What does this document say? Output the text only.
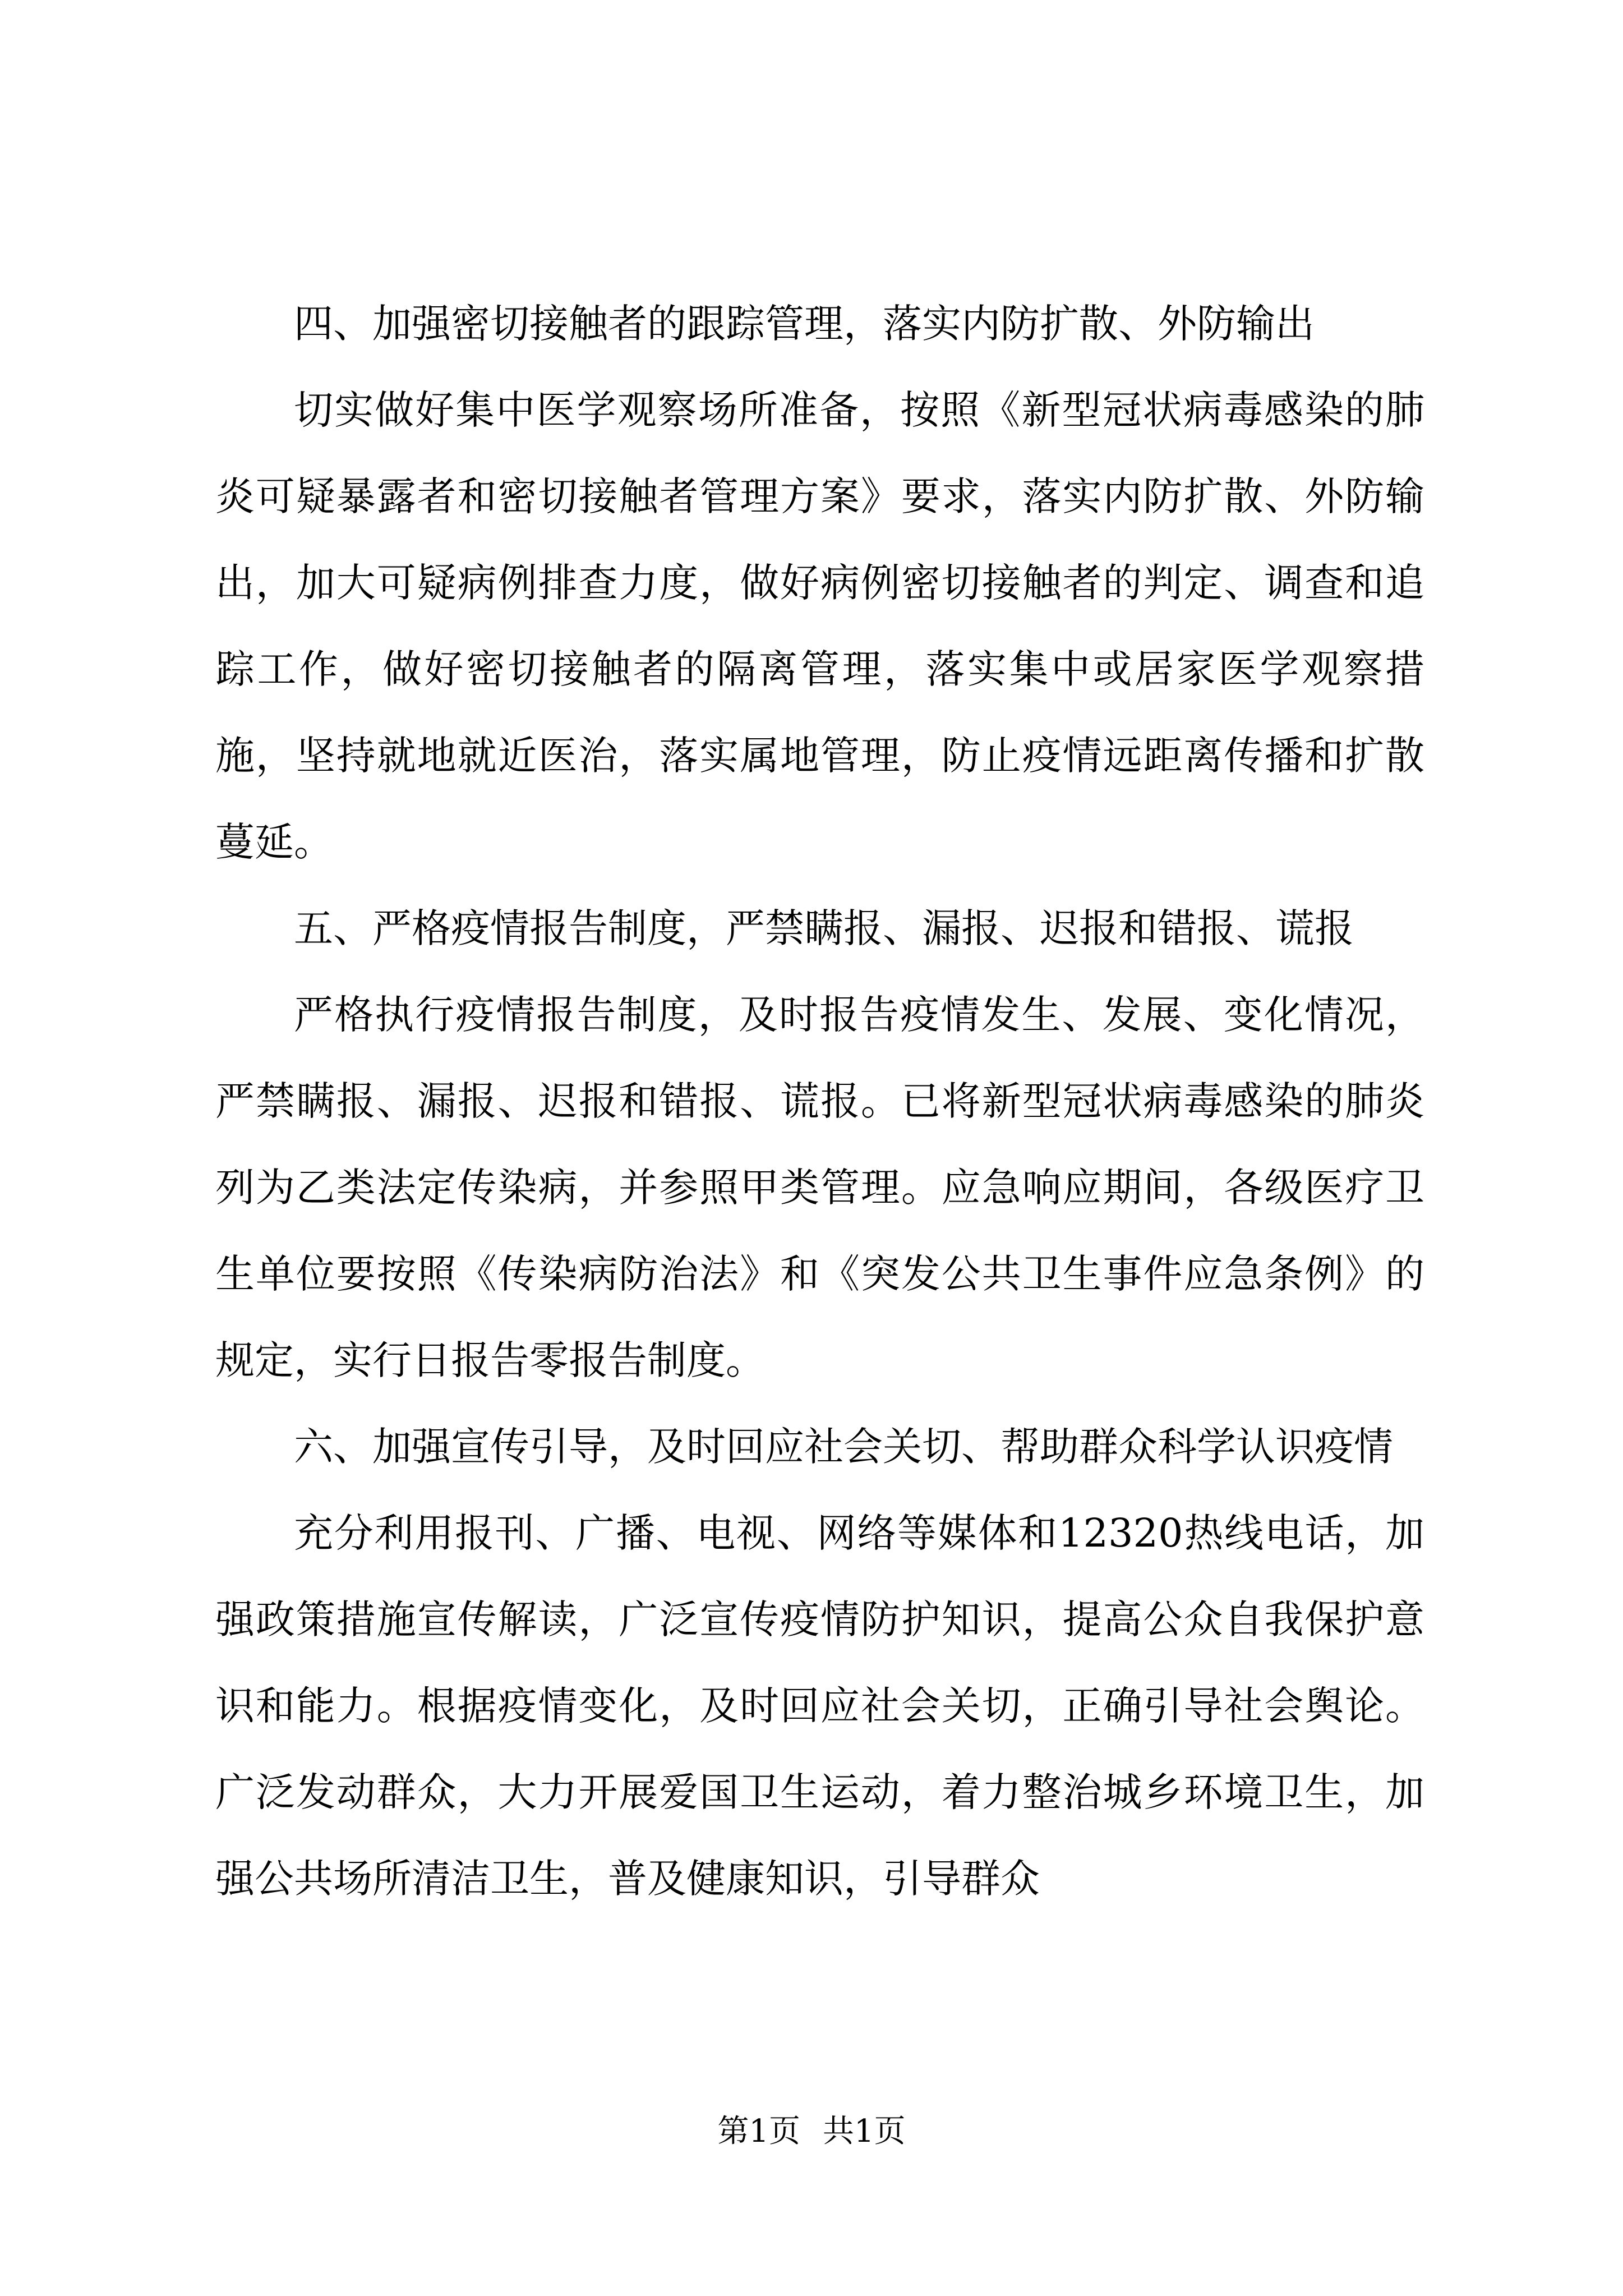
四、加强密切接触者的跟踪管理，落实内防扩散、外防输出

切实做好集中医学观察场所准备，按照《新型冠状病毒感染的肺炎可疑暴露者和密切接触者管理方案》要求，落实内防扩散、外防输出，加大可疑病例排查力度，做好病例密切接触者的判定、调查和追踪工作，做好密切接触者的隔离管理，落实集中或居家医学观察措施，坚持就地就近医治，落实属地管理，防止疫情远距离传播和扩散蔓延。

五、严格疫情报告制度，严禁瞒报、漏报、迟报和错报、谎报

严格执行疫情报告制度，及时报告疫情发生、发展、变化情况，严禁瞒报、漏报、迟报和错报、谎报。已将新型冠状病毒感染的肺炎列为乙类法定传染病，并参照甲类管理。应急响应期间，各级医疗卫生单位要按照《传染病防治法》和《突发公共卫生事件应急条例》的规定，实行日报告零报告制度。

六、加强宣传引导，及时回应社会关切、帮助群众科学认识疫情

充分利用报刊、广播、电视、网络等媒体和12320热线电话，加强政策措施宣传解读，广泛宣传疫情防护知识，提高公众自我保护意识和能力。根据疫情变化，及时回应社会关切，正确引导社会舆论。广泛发动群众，大力开展爱国卫生运动，着力整治城乡环境卫生，加强公共场所清洁卫生，普及健康知识，引导群众

第1页 共1页
